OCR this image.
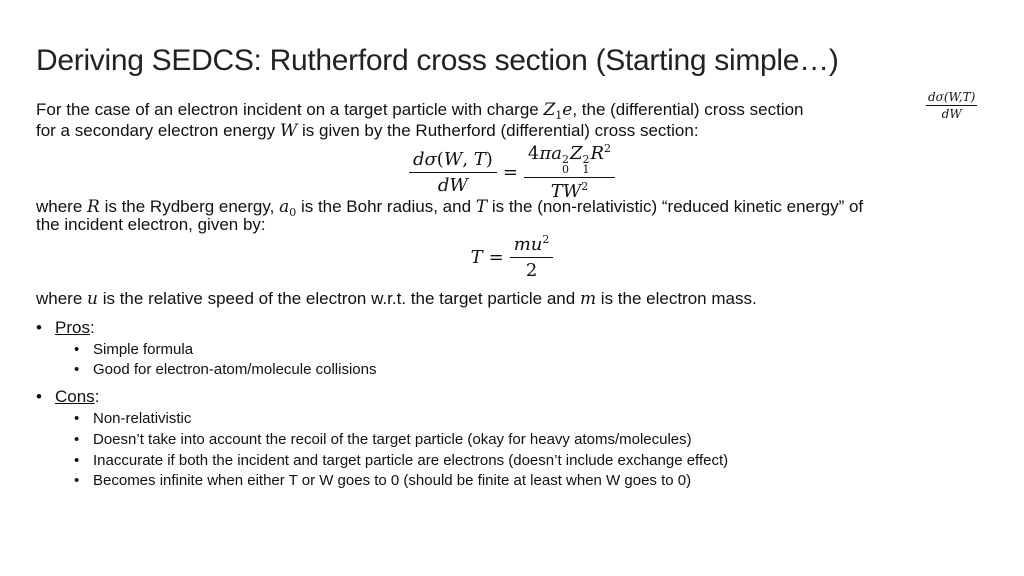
Deriving SEDCS: Rutherford cross section (Starting simple…)
$\frac{d\sigma(W,T)}{dW}$
For the case of an electron incident on a target particle with charge $Z_1e$, the (differential) cross section
for a secondary electron energy W is given by the Rutherford (differential) cross section:
$\frac{d\sigma(W, T)}{dW} = 4\pi a$ 2
0
Z 2
1
$R^2$
$TW^2$
where R is the Rydberg energy, $a_0$ is the Bohr radius, and T is the (non-relativistic) “reduced kinetic energy” of
the incident electron, given by:
$T = \frac{mu^2}{2}$
where u is the relative speed of the electron w.r.t. the target particle and m is the electron mass.
• Pros:
• Simple formula
• Good for electron-atom/molecule collisions
• Cons:
• Non-relativistic
• Doesn’t take into account the recoil of the target particle (okay for heavy atoms/molecules)
• Inaccurate if both the incident and target particle are electrons (doesn’t include exchange effect)
• Becomes infinite when either T or W goes to 0 (should be finite at least when W goes to 0)
